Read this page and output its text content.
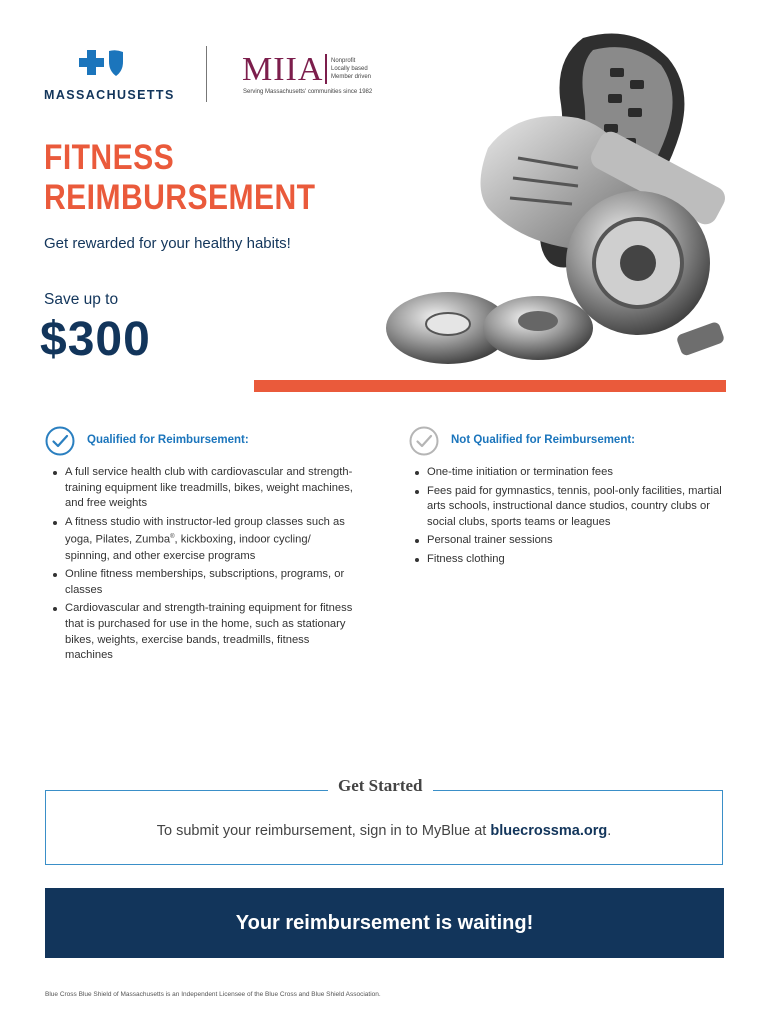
MASSACHUSETTS
MIIA Nonprofit
Locally based
Member driven
Serving Massachusetts' communities since 1982
FITNESS
REIMBURSEMENT
Get rewarded for your healthy habits!
Save up to
$300
Qualified for Reimbursement:
A full service health club with cardiovascular and strength-training equipment like treadmills, bikes, weight machines, and free weights
A fitness studio with instructor-led group classes such as yoga, Pilates, Zumba®, kickboxing, indoor cycling/ spinning, and other exercise programs
Online fitness memberships, subscriptions, programs, or classes
Cardiovascular and strength-training equipment for fitness that is purchased for use in the home, such as stationary bikes, weights, exercise bands, treadmills, fitness machines
Not Qualified for Reimbursement:
One-time initiation or termination fees
Fees paid for gymnastics, tennis, pool-only facilities, martial arts schools, instructional dance studios, country clubs or social clubs, sports teams or leagues
Personal trainer sessions
Fitness clothing
Get Started
To submit your reimbursement, sign in to MyBlue at bluecrossma.org.
Your reimbursement is waiting!
Blue Cross Blue Shield of Massachusetts is an Independent Licensee of the Blue Cross and Blue Shield Association.
